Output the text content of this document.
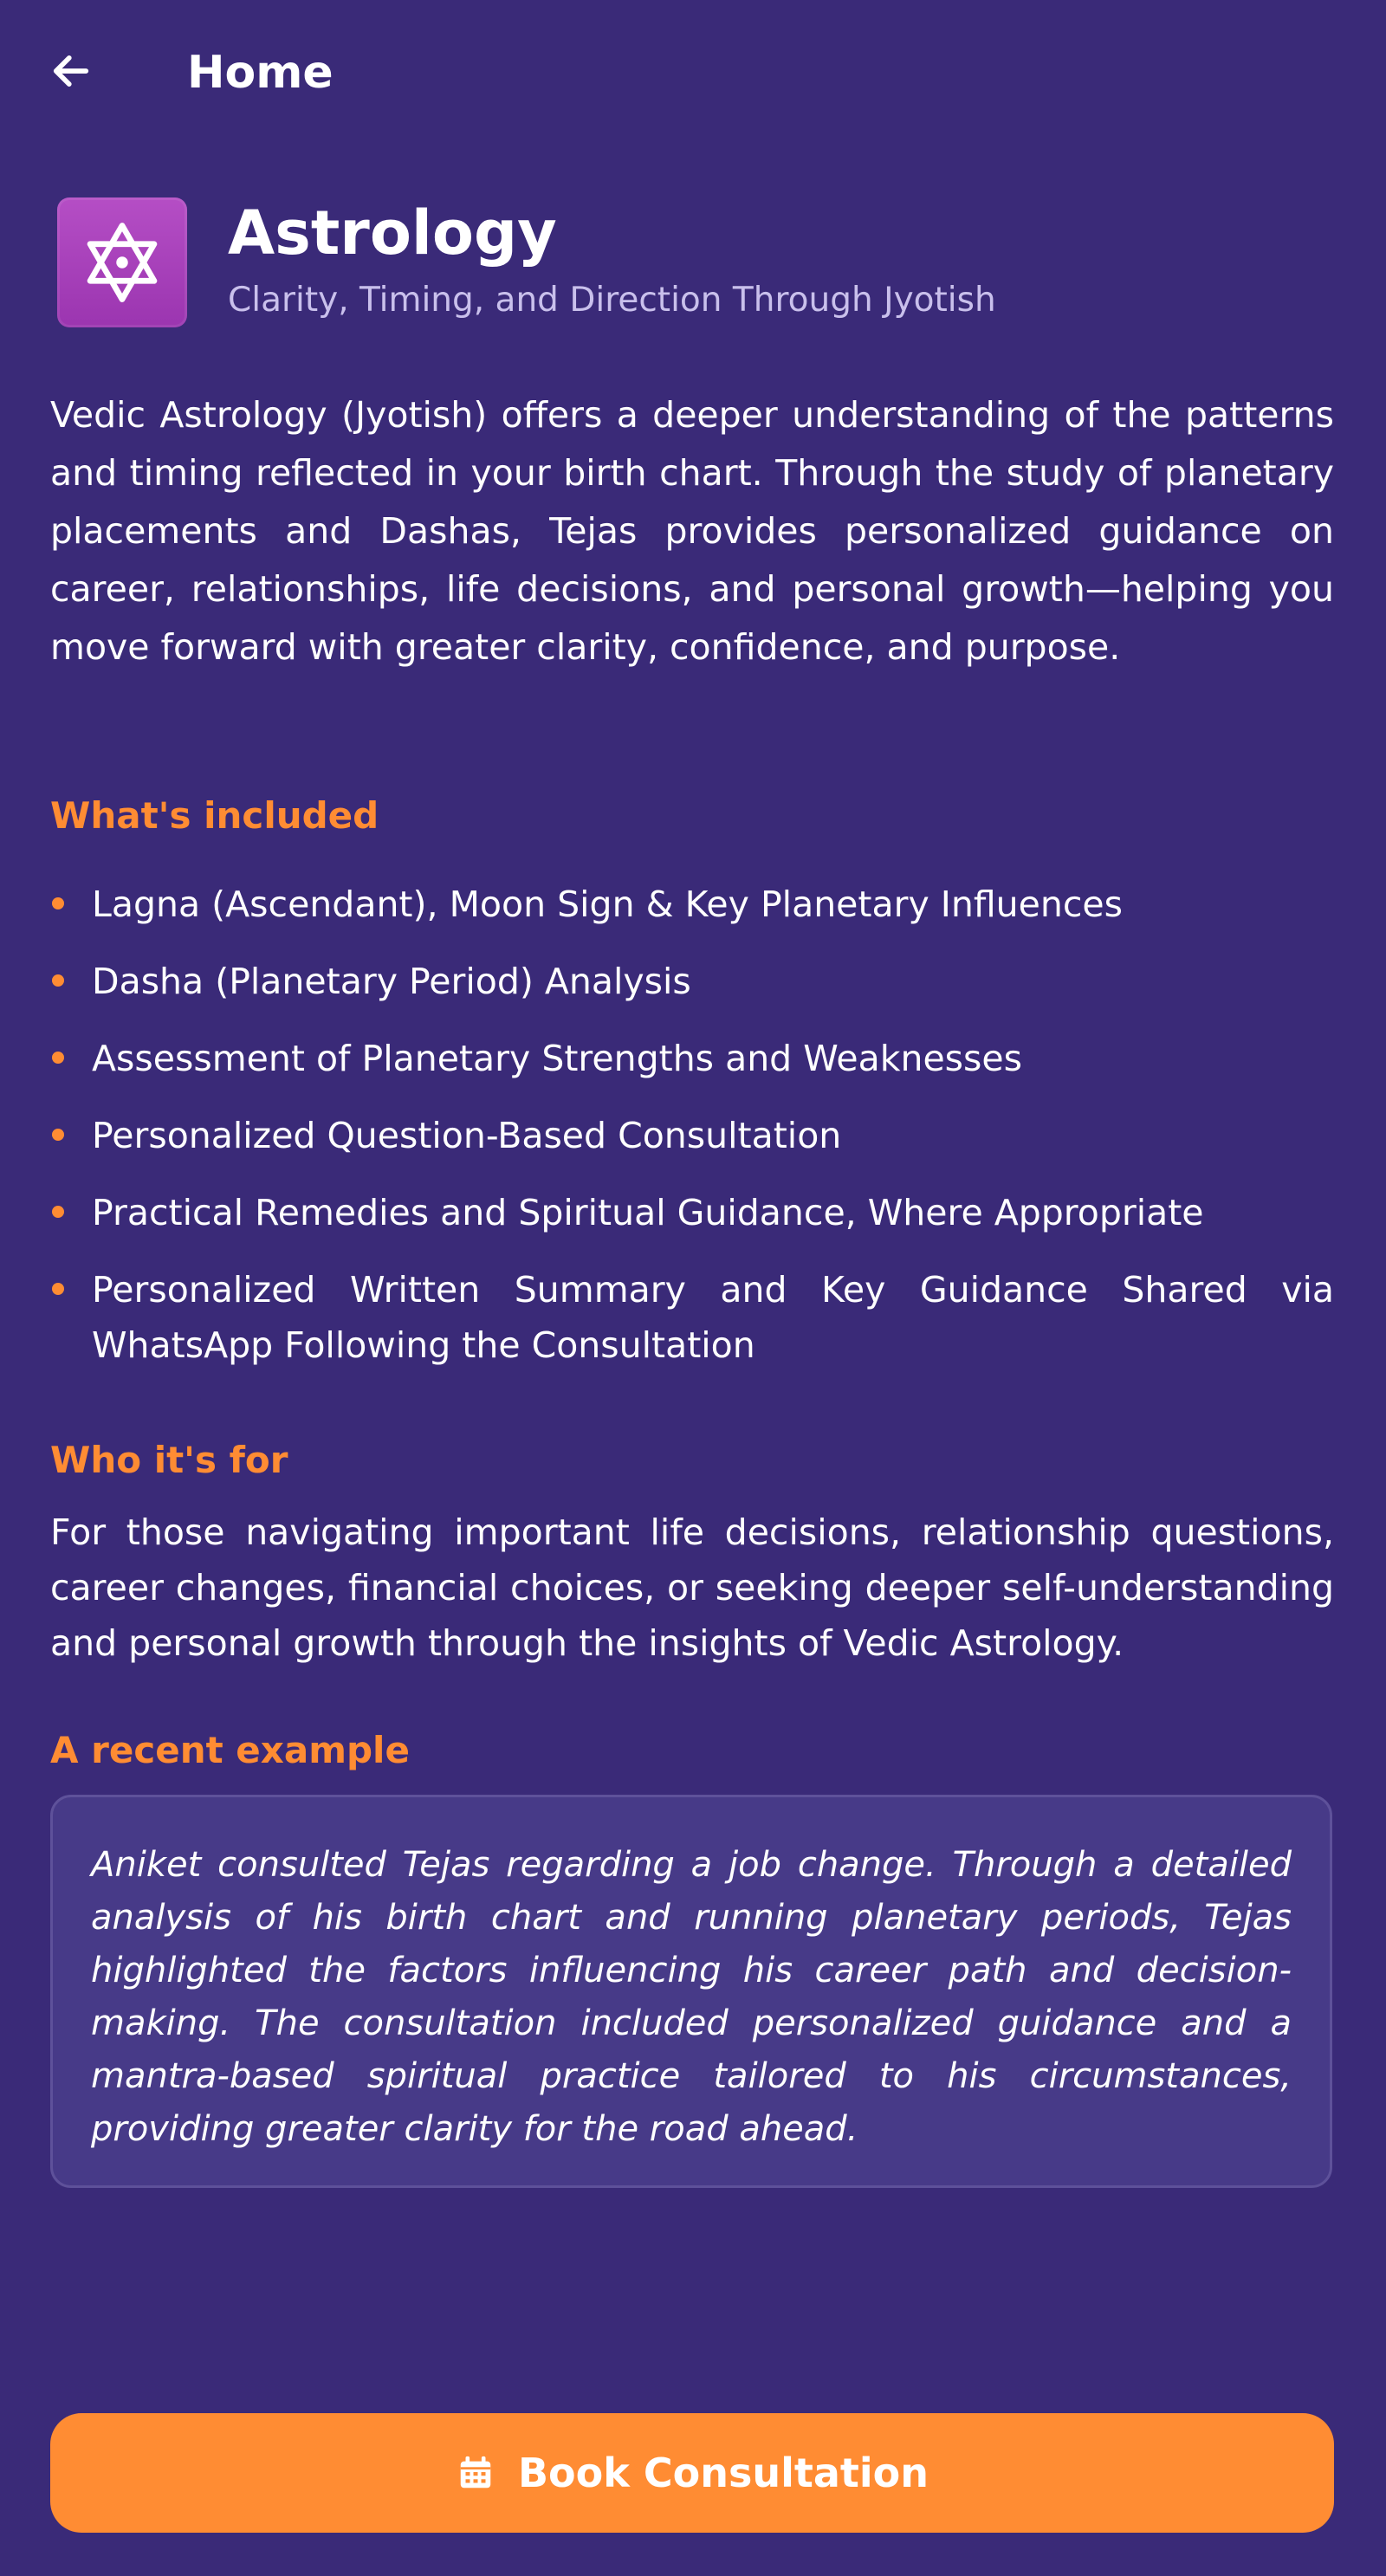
Home
Astrology
Clarity, Timing, and Direction Through Jyotish

Vedic Astrology (Jyotish) offers a deeper understanding of the patterns and timing reflected in your birth chart. Through the study of planetary placements and Dashas, Tejas provides personalized guidance on career, relationships, life decisions, and personal growth—helping you move forward with greater clarity, confidence, and purpose.

What's included
Lagna (Ascendant), Moon Sign & Key Planetary Influences
Dasha (Planetary Period) Analysis
Assessment of Planetary Strengths and Weaknesses
Personalized Question-Based Consultation
Practical Remedies and Spiritual Guidance, Where Appropriate
Personalized Written Summary and Key Guidance Shared via WhatsApp Following the Consultation
Who it's for

For those navigating important life decisions, relationship questions, career changes, financial choices, or seeking deeper self-understanding and personal growth through the insights of Vedic Astrology.

A recent example

Aniket consulted Tejas regarding a job change. Through a detailed analysis of his birth chart and running planetary periods, Tejas highlighted the factors influencing his career path and decision-making. The consultation included personalized guidance and a mantra-based spiritual practice tailored to his circumstances, providing greater clarity for the road ahead.

Book Consultation
